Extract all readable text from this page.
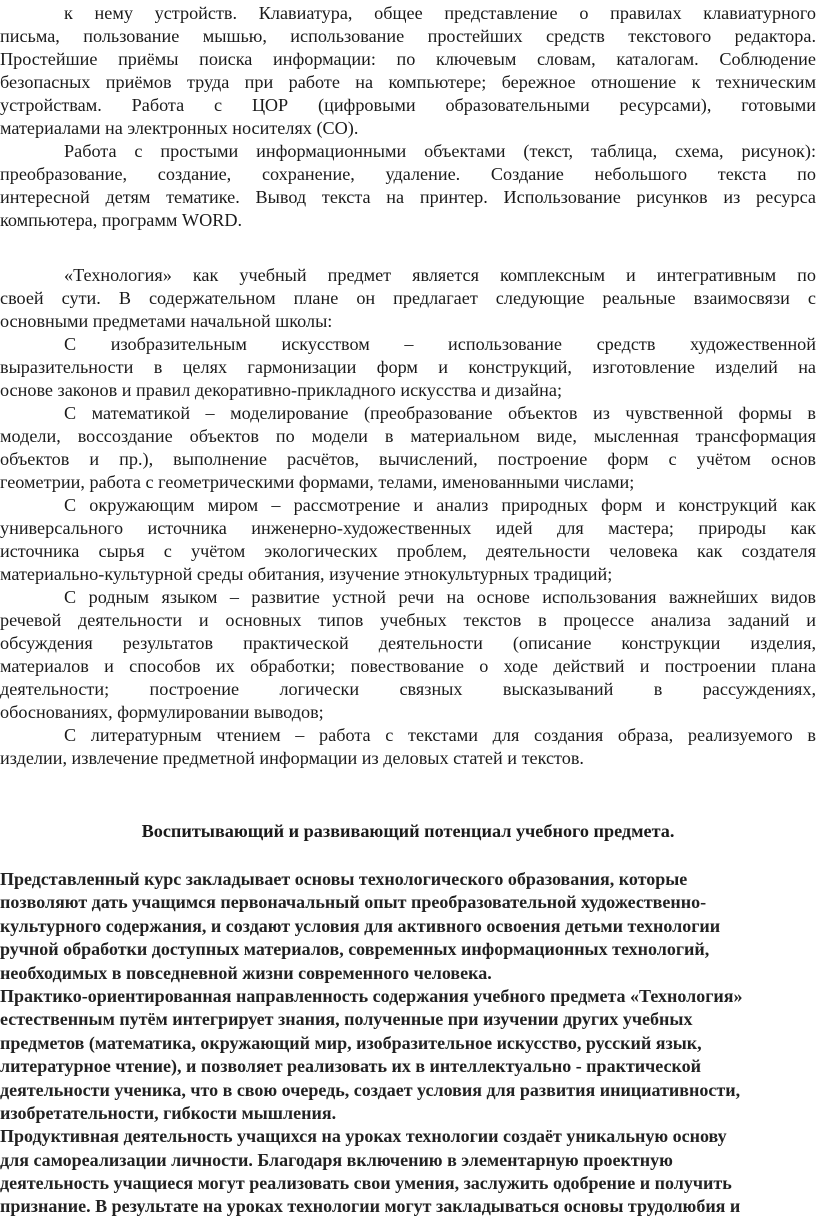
к нему устройств. Клавиатура, общее представление о правилах клавиатурного
письма, пользование мышью, использование простейших средств текстового редактора.
Простейшие приёмы поиска информации: по ключевым словам, каталогам. Соблюдение
безопасных приёмов труда при работе на компьютере; бережное отношение к техническим
устройствам. Работа с ЦОР (цифровыми образовательными ресурсами), готовыми
материалами на электронных носителях (CO).
Работа с простыми информационными объектами (текст, таблица, схема, рисунок):
преобразование, создание, сохранение, удаление. Создание небольшого текста по
интересной детям тематике. Вывод текста на принтер. Использование рисунков из ресурса
компьютера, программ WORD.
«Технология» как учебный предмет является комплексным и интегративным по
своей сути. В содержательном плане он предлагает следующие реальные взаимосвязи с
основными предметами начальной школы:
С изобразительным искусством – использование средств художественной
выразительности в целях гармонизации форм и конструкций, изготовление изделий на
основе законов и правил декоративно-прикладного искусства и дизайна;
С математикой – моделирование (преобразование объектов из чувственной формы в
модели, воссоздание объектов по модели в материальном виде, мысленная трансформация
объектов и пр.), выполнение расчётов, вычислений, построение форм с учётом основ
геометрии, работа с геометрическими формами, телами, именованными числами;
С окружающим миром – рассмотрение и анализ природных форм и конструкций как
универсального источника инженерно-художественных идей для мастера; природы как
источника сырья с учётом экологических проблем, деятельности человека как создателя
материально-культурной среды обитания, изучение этнокультурных традиций;
С родным языком – развитие устной речи на основе использования важнейших видов
речевой деятельности и основных типов учебных текстов в процессе анализа заданий и
обсуждения результатов практической деятельности (описание конструкции изделия,
материалов и способов их обработки; повествование о ходе действий и построении плана
деятельности; построение логически связных высказываний в рассуждениях,
обоснованиях, формулировании выводов;
С литературным чтением – работа с текстами для создания образа, реализуемого в
изделии, извлечение предметной информации из деловых статей и текстов.
Воспитывающий и развивающий потенциал учебного предмета.
Представленный курс закладывает основы технологического образования, которые
позволяют дать учащимся первоначальный опыт преобразовательной художественно-
культурного содержания, и создают условия для активного освоения детьми технологии
ручной обработки доступных материалов, современных информационных технологий,
необходимых в повседневной жизни современного человека.
Практико-ориентированная направленность содержания учебного предмета «Технология»
естественным путём интегрирует знания, полученные при изучении других учебных
предметов (математика, окружающий мир, изобразительное искусство, русский язык,
литературное чтение), и позволяет реализовать их в интеллектуально - практической
деятельности ученика, что в свою очередь, создает условия для развития инициативности,
изобретательности, гибкости мышления.
Продуктивная деятельность учащихся на уроках технологии создаёт уникальную основу
для самореализации личности. Благодаря включению в элементарную проектную
деятельность учащиеся могут реализовать свои умения, заслужить одобрение и получить
признание. В результате на уроках технологии могут закладываться основы трудолюбия и
